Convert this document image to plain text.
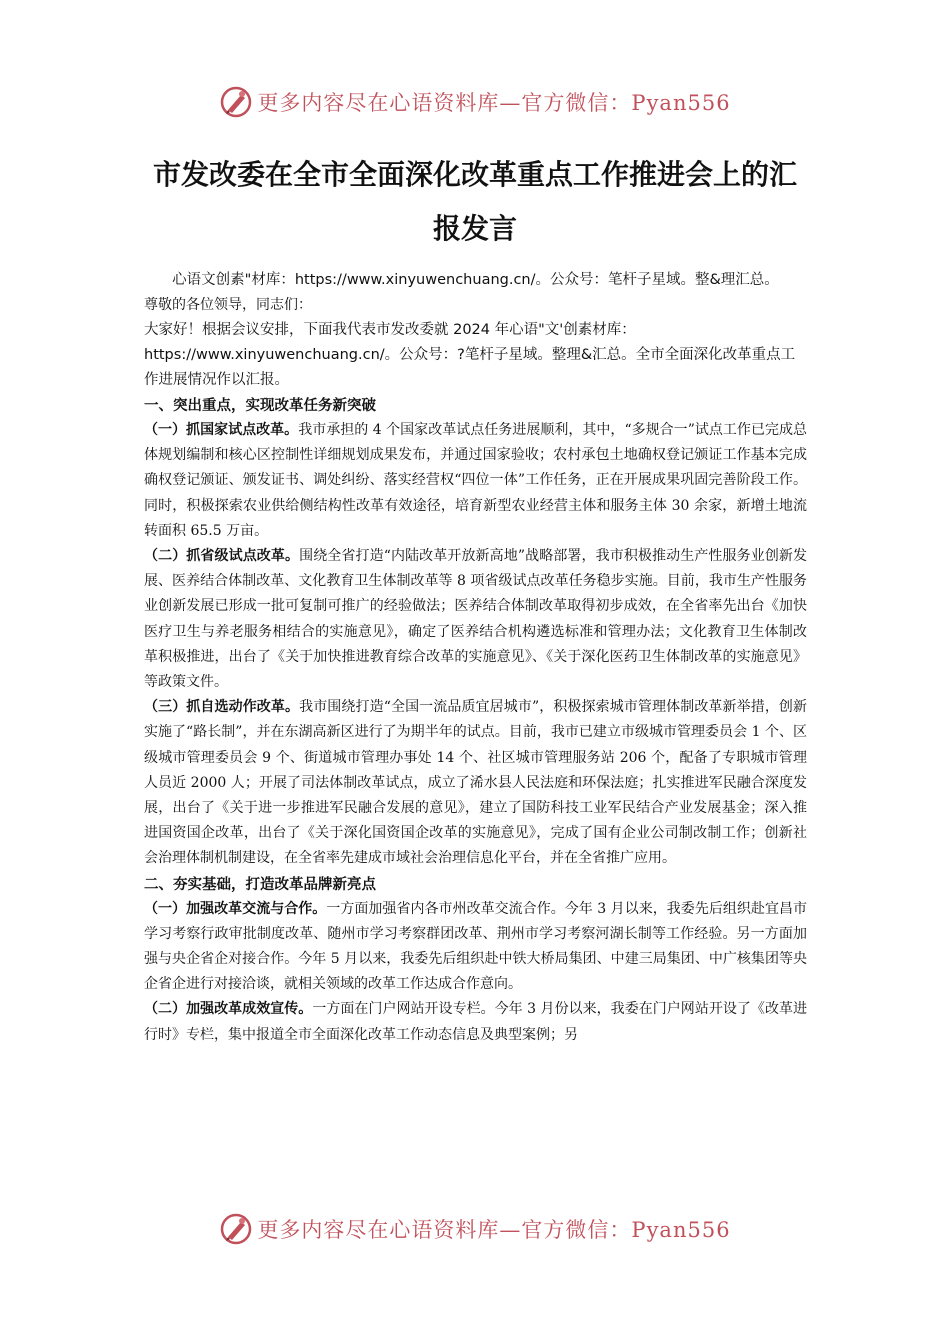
更多内容尽在心语资料库—官方微信：Pyan556
市发改委在全市全面深化改革重点工作推进会上的汇报发言

心语文创素"材库：https://www.xinyuwenchuang.cn/。公众号：笔杆子星域。整&理汇总。

尊敬的各位领导，同志们：

大家好！根据会议安排，下面我代表市发改委就 2024 年心语"文'创素材库：https://www.xinyuwenchuang.cn/。公众号：?笔杆子星域。整理&汇总。全市全面深化改革重点工作进展情况作以汇报。

一、突出重点，实现改革任务新突破

（一）抓国家试点改革。我市承担的 4 个国家改革试点任务进展顺利，其中，“多规合一”试点工作已完成总体规划编制和核心区控制性详细规划成果发布，并通过国家验收；农村承包土地确权登记颁证工作基本完成确权登记颁证、颁发证书、调处纠纷、落实经营权“四位一体”工作任务，正在开展成果巩固完善阶段工作。同时，积极探索农业供给侧结构性改革有效途径，培育新型农业经营主体和服务主体 30 余家，新增土地流转面积 65.5 万亩。

（二）抓省级试点改革。围绕全省打造“内陆改革开放新高地”战略部署，我市积极推动生产性服务业创新发展、医养结合体制改革、文化教育卫生体制改革等 8 项省级试点改革任务稳步实施。目前，我市生产性服务业创新发展已形成一批可复制可推广的经验做法；医养结合体制改革取得初步成效，在全省率先出台《加快医疗卫生与养老服务相结合的实施意见》，确定了医养结合机构遴选标准和管理办法；文化教育卫生体制改革积极推进，出台了《关于加快推进教育综合改革的实施意见》、《关于深化医药卫生体制改革的实施意见》等政策文件。

（三）抓自选动作改革。我市围绕打造“全国一流品质宜居城市”，积极探索城市管理体制改革新举措，创新实施了“路长制”，并在东湖高新区进行了为期半年的试点。目前，我市已建立市级城市管理委员会 1 个、区级城市管理委员会 9 个、街道城市管理办事处 14 个、社区城市管理服务站 206 个，配备了专职城市管理人员近 2000 人；开展了司法体制改革试点，成立了浠水县人民法庭和环保法庭；扎实推进军民融合深度发展，出台了《关于进一步推进军民融合发展的意见》，建立了国防科技工业军民结合产业发展基金；深入推进国资国企改革，出台了《关于深化国资国企改革的实施意见》，完成了国有企业公司制改制工作；创新社会治理体制机制建设，在全省率先建成市域社会治理信息化平台，并在全省推广应用。

二、夯实基础，打造改革品牌新亮点

（一）加强改革交流与合作。一方面加强省内各市州改革交流合作。今年 3 月以来，我委先后组织赴宜昌市学习考察行政审批制度改革、随州市学习考察群团改革、荆州市学习考察河湖长制等工作经验。另一方面加强与央企省企对接合作。今年 5 月以来，我委先后组织赴中铁大桥局集团、中建三局集团、中广核集团等央企省企进行对接洽谈，就相关领域的改革工作达成合作意向。

（二）加强改革成效宣传。一方面在门户网站开设专栏。今年 3 月份以来，我委在门户网站开设了《改革进行时》专栏，集中报道全市全面深化改革工作动态信息及典型案例；另

更多内容尽在心语资料库—官方微信：Pyan556
